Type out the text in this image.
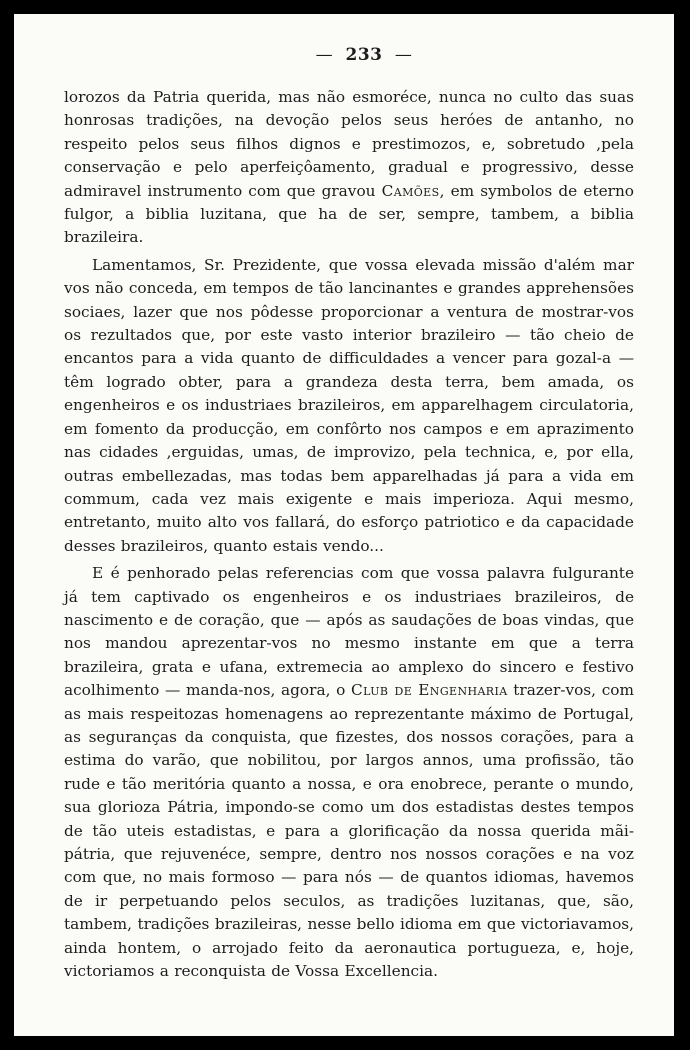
— 233 —

lorozos da Patria querida, mas não esmoréce, nunca no culto das suas honrosas tradições, na devoção pelos seus heróes de antanho, no respeito pelos seus filhos dignos e prestimozos, e, sobretudo ,pela conservação e pelo aperfeiçôamento, gradual e progressivo, desse admiravel instrumento com que gravou Camões, em symbolos de eterno fulgor, a biblia luzitana, que ha de ser, sempre, tambem, a biblia brazileira.

Lamentamos, Sr. Prezidente, que vossa elevada missão d'além mar vos não conceda, em tempos de tão lancinantes e grandes apprehensões sociaes, lazer que nos pôdesse proporcionar a ventura de mostrar-vos os rezultados que, por este vasto interior brazileiro — tão cheio de encantos para a vida quanto de difficuldades a vencer para gozal-a — têm logrado obter, para a grandeza desta terra, bem amada, os engenheiros e os industriaes brazileiros, em apparelhagem circulatoria, em fomento da producção, em confôrto nos campos e em aprazimento nas cidades ,erguidas, umas, de improvizo, pela technica, e, por ella, outras embellezadas, mas todas bem apparelhadas já para a vida em commum, cada vez mais exigente e mais imperioza. Aqui mesmo, entretanto, muito alto vos fallará, do esforço patriotico e da capacidade desses brazileiros, quanto estais vendo...

E é penhorado pelas referencias com que vossa palavra fulgurante já tem captivado os engenheiros e os industriaes brazileiros, de nascimento e de coração, que — após as saudações de boas vindas, que nos mandou aprezentar-vos no mesmo instante em que a terra brazileira, grata e ufana, extremecia ao amplexo do sincero e festivo acolhimento — manda-nos, agora, o Club de Engenharia trazer-vos, com as mais respeitozas homenagens ao reprezentante máximo de Portugal, as seguranças da conquista, que fizestes, dos nossos corações, para a estima do varão, que nobilitou, por largos annos, uma profissão, tão rude e tão meritória quanto a nossa, e ora enobrece, perante o mundo, sua glorioza Pátria, impondo-se como um dos estadistas destes tempos de tão uteis estadistas, e para a glorificação da nossa querida mãi-pátria, que rejuvenéce, sempre, dentro nos nossos corações e na voz com que, no mais formoso — para nós — de quantos idiomas, havemos de ir perpetuando pelos seculos, as tradições luzitanas, que, são, tambem, tradições brazileiras, nesse bello idioma em que victoriavamos, ainda hontem, o arrojado feito da aeronautica portugueza, e, hoje, victoriamos a reconquista de Vossa Excellencia.
